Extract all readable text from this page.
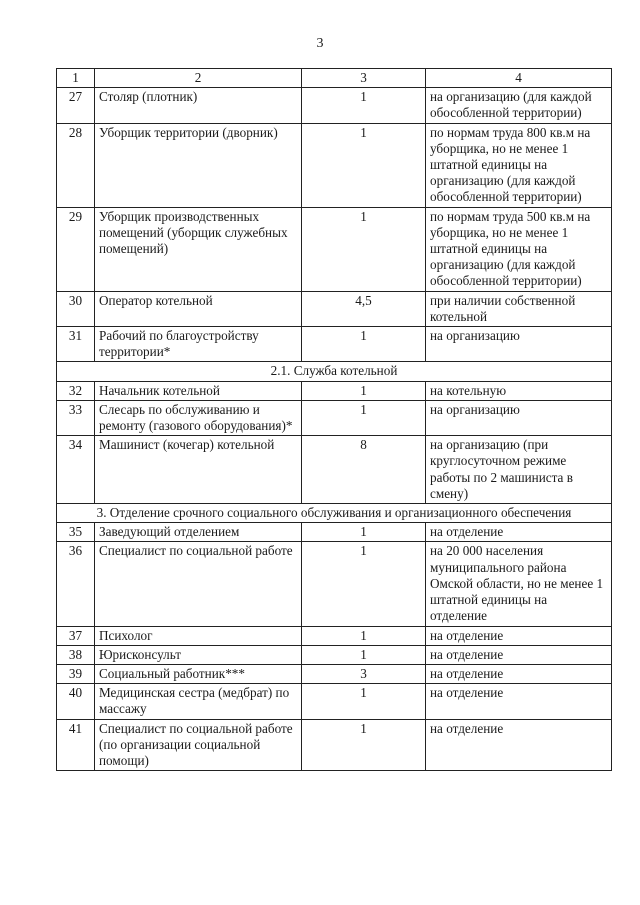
3
1	2	3	4
27	Столяр (плотник)	1	на организацию (для каждой обособленной территории)
28	Уборщик территории (дворник)	1	по нормам труда 800 кв.м на уборщика, но не менее 1 штатной единицы на организацию (для каждой обособленной территории)
29	Уборщик производственных помещений (уборщик служебных помещений)	1	по нормам труда 500 кв.м на уборщика, но не менее 1 штатной единицы на организацию (для каждой обособленной территории)
30	Оператор котельной	4,5	при наличии собственной котельной
31	Рабочий по благоустройству территории*	1	на организацию
2.1. Служба котельной			
32	Начальник котельной	1	на котельную
33	Слесарь по обслуживанию и ремонту (газового оборудования)*	1	на организацию
34	Машинист (кочегар) котельной	8	на организацию (при круглосуточном режиме работы по 2 машиниста в смену)
3. Отделение срочного социального обслуживания и организационного обеспечения			
35	Заведующий отделением	1	на отделение
36	Специалист по социальной работе	1	на 20 000 населения муниципального района Омской области, но не менее 1 штатной единицы на отделение
37	Психолог	1	на отделение
38	Юрисконсульт	1	на отделение
39	Социальный работник***	3	на отделение
40	Медицинская сестра (медбрат) по массажу	1	на отделение
41	Специалист по социальной работе (по организации социальной помощи)	1	на отделение
